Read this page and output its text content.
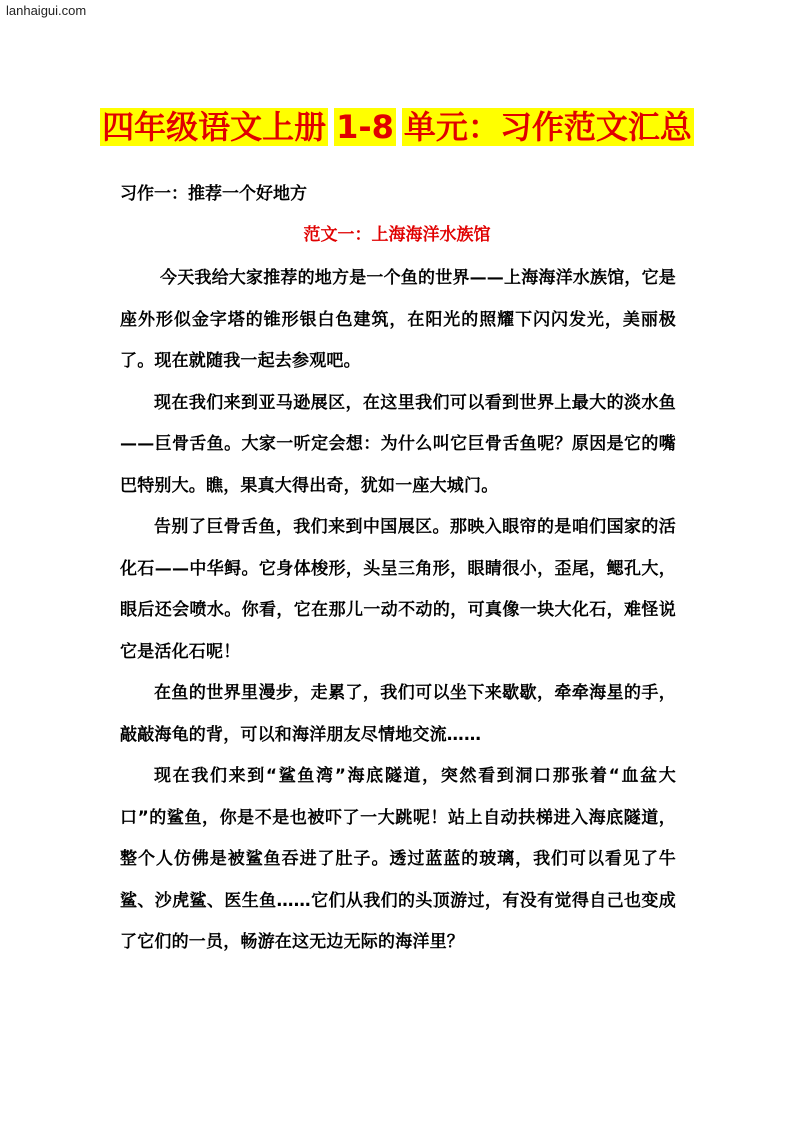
lanhaigui.com
四年级语文上册 1-8 单元：习作范文汇总
习作一：推荐一个好地方
范文一：上海海洋水族馆

今天我给大家推荐的地方是一个鱼的世界——上海海洋水族馆，它是座外形似金字塔的锥形银白色建筑，在阳光的照耀下闪闪发光，美丽极了。现在就随我一起去参观吧。

现在我们来到亚马逊展区，在这里我们可以看到世界上最大的淡水鱼——巨骨舌鱼。大家一听定会想：为什么叫它巨骨舌鱼呢？原因是它的嘴巴特别大。瞧，果真大得出奇，犹如一座大城门。

告别了巨骨舌鱼，我们来到中国展区。那映入眼帘的是咱们国家的活化石——中华鲟。它身体梭形，头呈三角形，眼睛很小，歪尾，鳃孔大，眼后还会喷水。你看，它在那儿一动不动的，可真像一块大化石，难怪说它是活化石呢！

在鱼的世界里漫步，走累了，我们可以坐下来歇歇，牵牵海星的手，敲敲海龟的背，可以和海洋朋友尽情地交流……

现在我们来到“鲨鱼湾”海底隧道，突然看到洞口那张着“血盆大口”的鲨鱼，你是不是也被吓了一大跳呢！站上自动扶梯进入海底隧道，整个人仿佛是被鲨鱼吞进了肚子。透过蓝蓝的玻璃，我们可以看见了牛鲨、沙虎鲨、医生鱼……它们从我们的头顶游过，有没有觉得自己也变成了它们的一员，畅游在这无边无际的海洋里？
